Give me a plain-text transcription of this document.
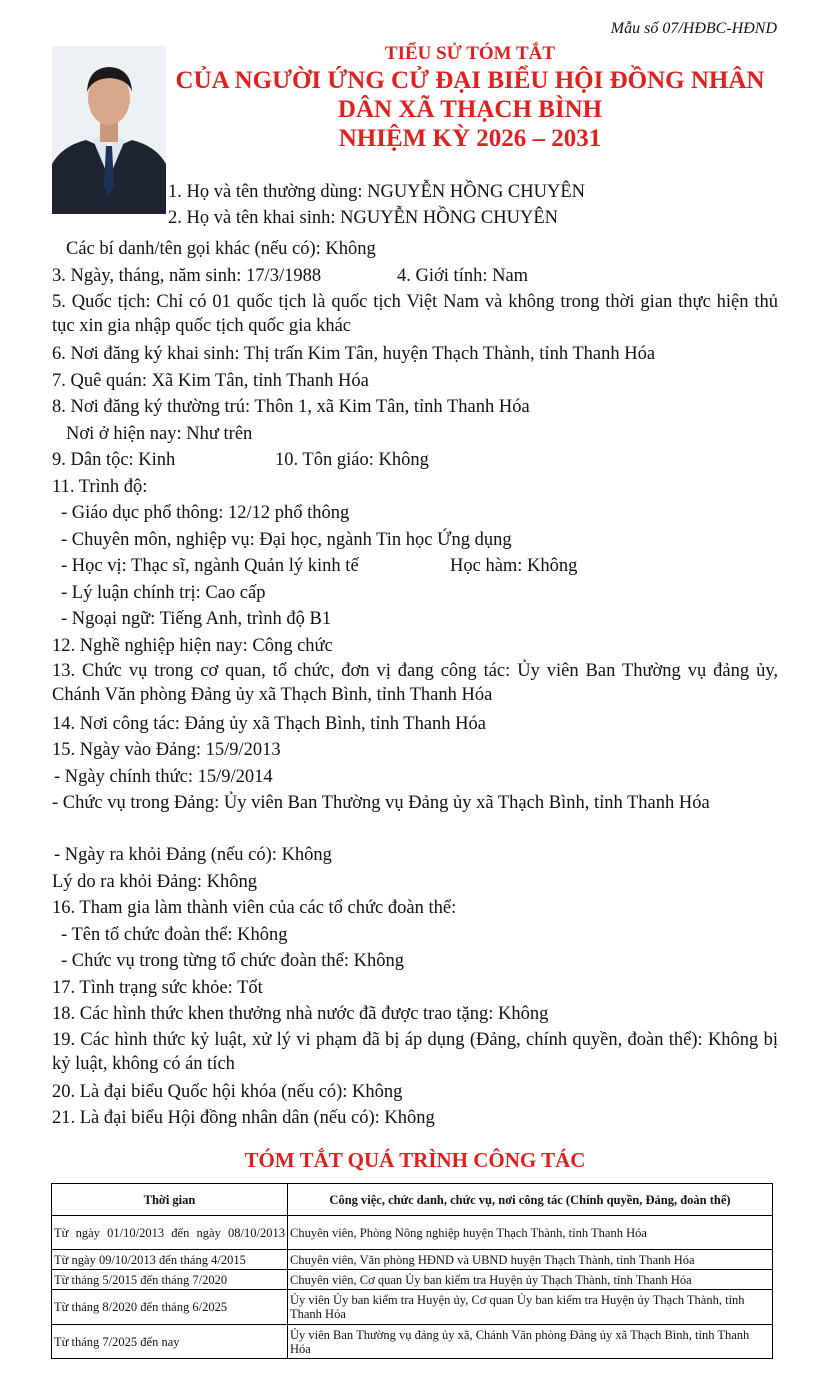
Mẫu số 07/HĐBC-HĐND
TIỂU SỬ TÓM TẮT
CỦA NGƯỜI ỨNG CỬ ĐẠI BIỂU HỘI ĐỒNG NHÂN
DÂN XÃ THẠCH BÌNH
NHIỆM KỲ 2026 – 2031
1. Họ và tên thường dùng: NGUYỄN HỒNG CHUYÊN
2. Họ và tên khai sinh: NGUYỄN HỒNG CHUYÊN
Các bí danh/tên gọi khác (nếu có): Không
3. Ngày, tháng, năm sinh: 17/3/1988	4. Giới tính: Nam
5. Quốc tịch: Chỉ có 01 quốc tịch là quốc tịch Việt Nam và không trong thời gian thực hiện thủ tục xin gia nhập quốc tịch quốc gia khác
6. Nơi đăng ký khai sinh: Thị trấn Kim Tân, huyện Thạch Thành, tỉnh Thanh Hóa
7. Quê quán: Xã Kim Tân, tỉnh Thanh Hóa
8. Nơi đăng ký thường trú: Thôn 1, xã Kim Tân, tỉnh Thanh Hóa
Nơi ở hiện nay: Như trên
9. Dân tộc: Kinh	10. Tôn giáo: Không
11. Trình độ:
- Giáo dục phổ thông: 12/12 phổ thông
- Chuyên môn, nghiệp vụ: Đại học, ngành Tin học Ứng dụng
- Học vị: Thạc sĩ, ngành Quản lý kinh tế	Học hàm: Không
- Lý luận chính trị: Cao cấp
- Ngoại ngữ: Tiếng Anh, trình độ B1
12. Nghề nghiệp hiện nay: Công chức
13. Chức vụ trong cơ quan, tổ chức, đơn vị đang công tác: Ủy viên Ban Thường vụ đảng ủy, Chánh Văn phòng Đảng ủy xã Thạch Bình, tỉnh Thanh Hóa
14. Nơi công tác: Đảng ủy xã Thạch Bình, tỉnh Thanh Hóa
15. Ngày vào Đảng: 15/9/2013
- Ngày chính thức: 15/9/2014
- Chức vụ trong Đảng: Ủy viên Ban Thường vụ Đảng ủy xã Thạch Bình, tỉnh Thanh Hóa
- Ngày ra khỏi Đảng (nếu có): Không
Lý do ra khỏi Đảng: Không
16. Tham gia làm thành viên của các tổ chức đoàn thể:
- Tên tổ chức đoàn thể: Không
- Chức vụ trong từng tổ chức đoàn thể: Không
17. Tình trạng sức khỏe: Tốt
18. Các hình thức khen thưởng nhà nước đã được trao tặng: Không
19. Các hình thức kỷ luật, xử lý vi phạm đã bị áp dụng (Đảng, chính quyền, đoàn thể): Không bị kỷ luật, không có án tích
20. Là đại biểu Quốc hội khóa (nếu có): Không
21. Là đại biểu Hội đồng nhân dân (nếu có): Không
TÓM TẮT QUÁ TRÌNH CÔNG TÁC
Thời gian	Công việc, chức danh, chức vụ, nơi công tác (Chính quyền, Đảng, đoàn thể)

Từ ngày 01/10/2013 đến ngày 08/10/2013	Chuyên viên, Phòng Nông nghiệp huyện Thạch Thành, tỉnh Thanh Hóa
Từ ngày 09/10/2013 đến tháng 4/2015	Chuyên viên, Văn phòng HĐND và UBND huyện Thạch Thành, tỉnh Thanh Hóa
Từ tháng 5/2015 đến tháng 7/2020	Chuyên viên, Cơ quan Ủy ban kiểm tra Huyện ủy Thạch Thành, tỉnh Thanh Hóa
Từ tháng 8/2020 đến tháng 6/2025	Ủy viên Ủy ban kiểm tra Huyện ủy, Cơ quan Ủy ban kiểm tra Huyện ủy Thạch Thành, tỉnh Thanh Hóa
Từ tháng 7/2025 đến nay	Ủy viên Ban Thường vụ đảng ủy xã, Chánh Văn phòng Đảng ủy xã Thạch Bình, tỉnh Thanh Hóa
